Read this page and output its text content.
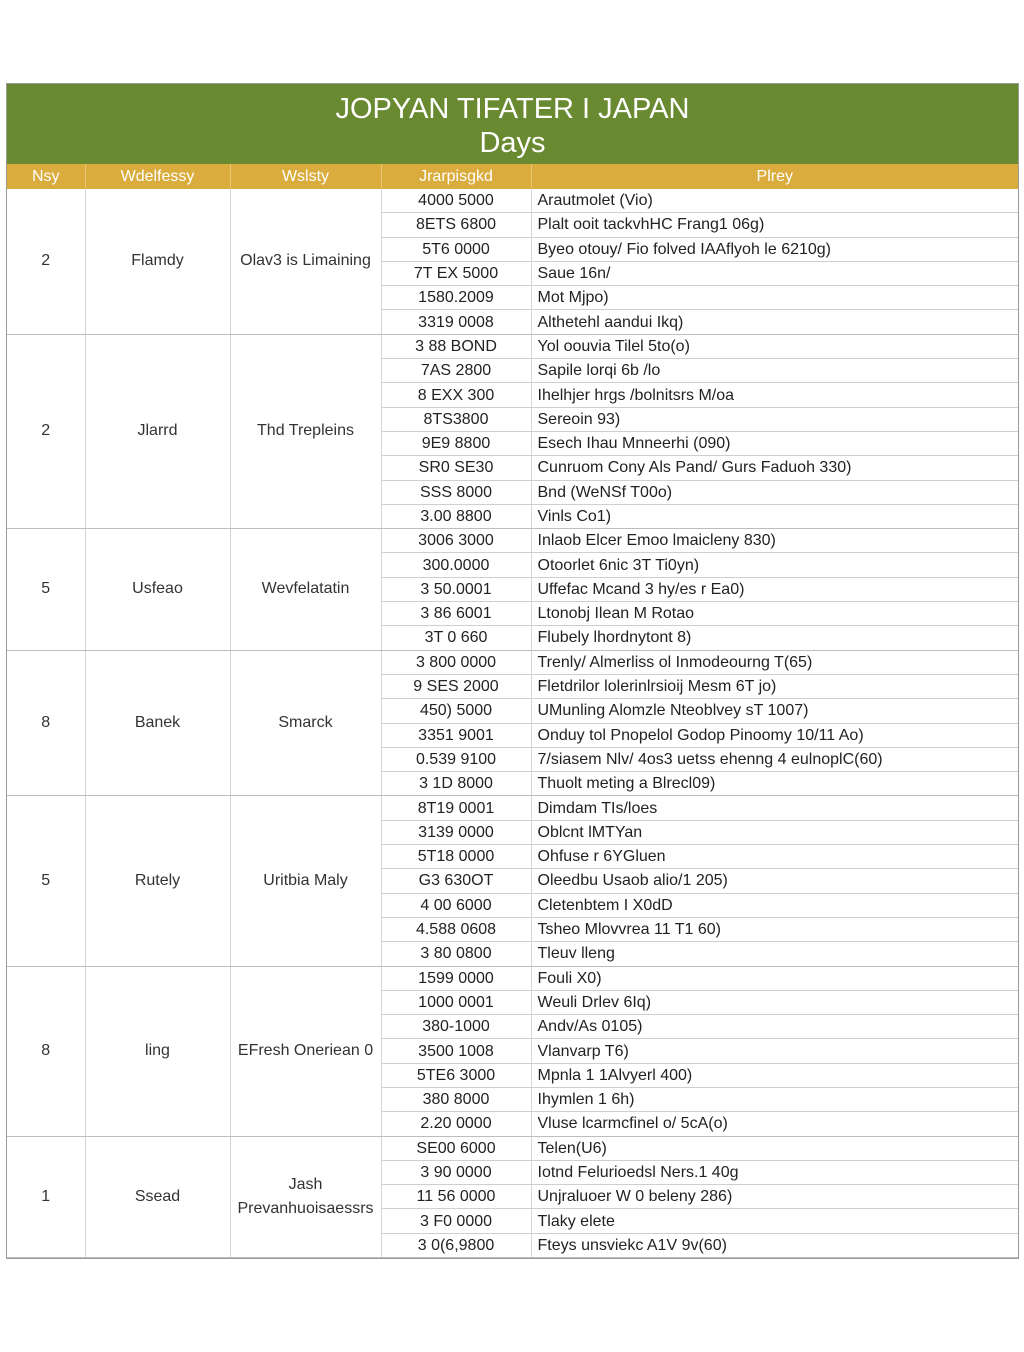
JOPYAN TIFATER I JAPAN
Days
Nsy	Wdelfessy	Wslsty	Jrarpisgkd	Plrey
2	Flamdy	Olav3 is Limaining	4000 5000	Arautmolet (Vio)
			8ETS 6800	Plalt ooit tackvhHC Frang1 06g)
			5T6 0000	Byeo otouy/ Fio folved IAAflyoh le 6210g)
			7T EX 5000	Saue 16n/
			1580.2009	Mot Mjpo)
			3319 0008	Althetehl aandui Ikq)
2	Jlarrd	Thd Trepleins	3 88 BOND	Yol oouvia Tilel 5to(o)
			7AS 2800	Sapile lorqi 6b /lo
			8 EXX 300	Ihelhjer hrgs /bolnitsrs M/oa
			8TS3800	Sereoin 93)
			9E9 8800	Esech Ihau Mnneerhi (090)
			SR0 SE30	Cunruom Cony Als Pand/ Gurs Faduoh 330)
			SSS 8000	Bnd (WeNSf T00o)
			3.00 8800	Vinls Co1)
5	Usfeao	Wevfelatatin	3006 3000	Inlaob Elcer Emoo lmaicleny 830)
			300.0000	Otoorlet 6nic 3T Ti0yn)
			3 50.0001	Uffefac Mcand 3 hy/es r Ea0)
			3 86 6001	Ltonobj Ilean M Rotao
			3T 0 660	Flubely lhordnytont 8)
8	Banek	Smarck	3 800 0000	Trenly/ Almerliss ol Inmodeourng T(65)
			9 SES 2000	Fletdrilor lolerinlrsioij Mesm 6T jo)
			450) 5000	UMunling Alomzle Nteoblvey sT 1007)
			3351 9001	Onduy tol Pnopelol Godop Pinoomy 10/11 Ao)
			0.539 9100	7/siasem Nlv/ 4os3 uetss ehenng 4 eulnoplC(60)
			3 1D 8000	Thuolt meting a Blrecl09)
5	Rutely	Uritbia Maly	8T19 0001	Dimdam TIs/loes
			3139 0000	Oblcnt lMTYan
			5T18 0000	Ohfuse r 6YGluen
			G3 630OT	Oleedbu Usaob alio/1 205)
			4 00 6000	Cletenbtem I X0dD
			4.588 0608	Tsheo Mlovvrea 11 T1 60)
			3 80 0800	Tleuv lleng
8	ling	EFresh Oneriean 0	1599 0000	Fouli X0)
			1000 0001	Weuli Drlev 6Iq)
			380-1000	Andv/As 0105)
			3500 1008	Vlanvarp T6)
			5TE6 3000	Mpnla 1 1Alvyerl 400)
			380 8000	Ihymlen 1 6h)
			2.20 0000	Vluse lcarmcfinel o/ 5cA(o)
1	Ssead	Jash Prevanhuoisaessrs	SE00 6000	Telen(U6)
			3 90 0000	Iotnd Felurioedsl Ners.1 40g
			11 56 0000	Unjraluoer W 0 beleny 286)
			3 F0 0000	Tlaky elete
			3 0(6,9800	Fteys unsviekc A1V 9v(60)
